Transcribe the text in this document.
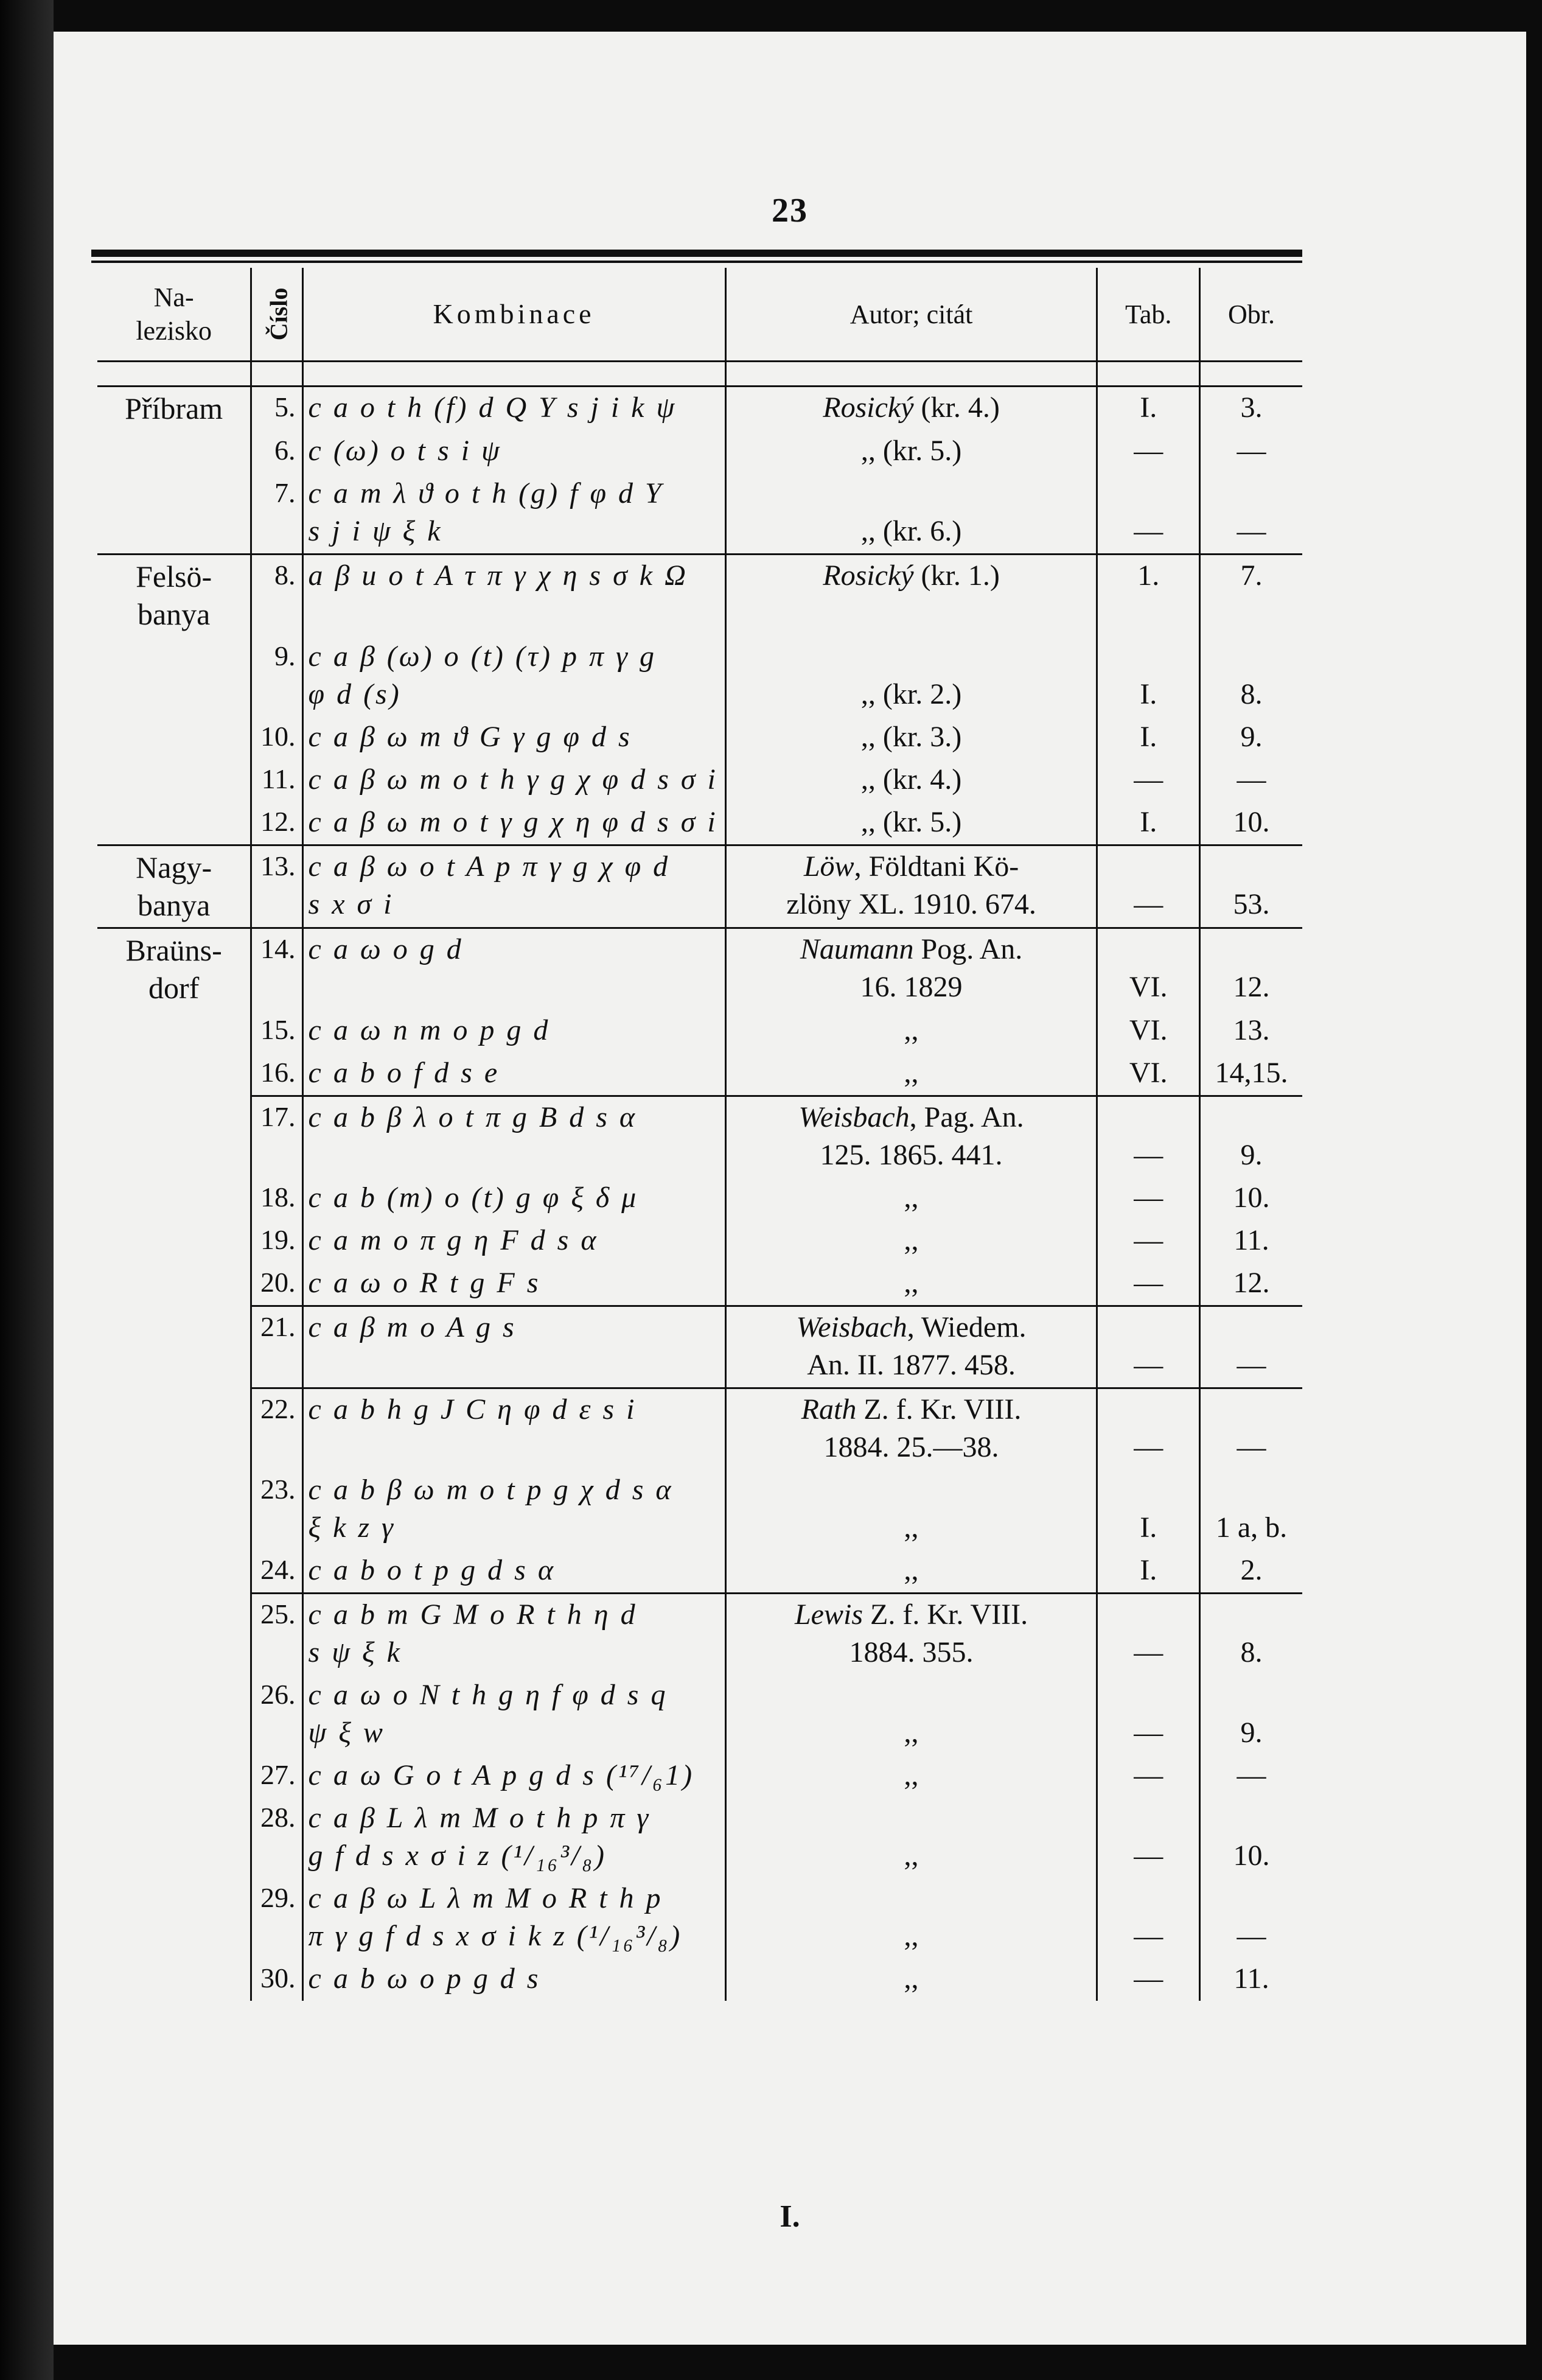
23
I.
Na-
lezisko	Číslo	Kombinace	Autor; citát	Tab.	Obr.

Příbram	5.	c a o t h (f) d Q Y s j i k ψ	Rosický (kr. 4.)	I.	3.

	6.	c (ω) o t s i ψ	,, (kr. 5.)	—	—

	7.	c a m λ ϑ o t h (g) f φ d Y
s j i ψ ξ k	,, (kr. 6.)	—	—

Felsö-
banya	8.	a β u o t A τ π γ χ η s σ k Ω	Rosický (kr. 1.)	1.	7.

	9.	c a β (ω) o (t) (τ) p π γ g
φ d (s)	,, (kr. 2.)	I.	8.

	10.	c a β ω m ϑ G γ g φ d s	,, (kr. 3.)	I.	9.

	11.	c a β ω m o t h γ g χ φ d s σ i	,, (kr. 4.)	—	—

	12.	c a β ω m o t γ g χ η φ d s σ i	,, (kr. 5.)	I.	10.

Nagy-
banya	13.	c a β ω o t A p π γ g χ φ d
s x σ i	Löw, Földtani Kö-
zlöny XL. 1910. 674.	—	53.

Braüns-
dorf	14.	c a ω o g d	Naumann Pog. An.
16. 1829	VI.	12.

	15.	c a ω n m o p g d	,,	VI.	13.

	16.	c a b o f d s e	,,	VI.	14,15.

	17.	c a b β λ o t π g B d s α	Weisbach, Pag. An.
125. 1865. 441.	—	9.

	18.	c a b (m) o (t) g φ ξ δ μ	,,	—	10.

	19.	c a m o π g η F d s α	,,	—	11.

	20.	c a ω o R t g F s	,,	—	12.

	21.	c a β m o A g s	Weisbach, Wiedem.
An. II. 1877. 458.	—	—

	22.	c a b h g J C η φ d ε s i	Rath Z. f. Kr. VIII.
1884. 25.—38.	—	—

	23.	c a b β ω m o t p g χ d s α
ξ k z γ	,,	I.	1 a, b.

	24.	c a b o t p g d s α	,,	I.	2.

	25.	c a b m G M o R t h η d
s ψ ξ k	Lewis Z. f. Kr. VIII.
1884. 355.	—	8.

	26.	c a ω o N t h g η f φ d s q
ψ ξ w	,,	—	9.

	27.	c a ω G o t A p g d s (¹⁷/₆1)	,,	—	—

	28.	c a β L λ m M o t h p π γ
g f d s x σ i z (¹/₁₆³/₈)	,,	—	10.

	29.	c a β ω L λ m M o R t h p
π γ g f d s x σ i k z (¹/₁₆³/₈)	,,	—	—

	30.	c a b ω o p g d s	,,	—	11.
